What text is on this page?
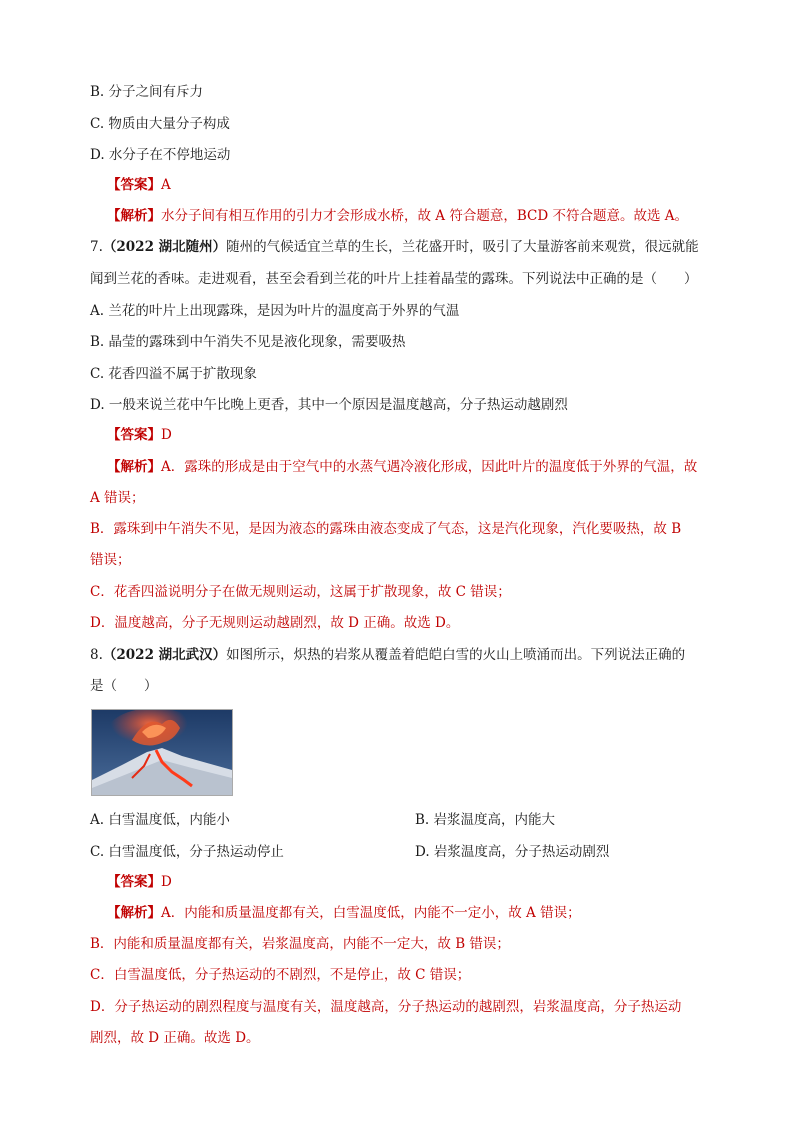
B. 分子之间有斥力
C. 物质由大量分子构成
D. 水分子在不停地运动
【答案】A
【解析】水分子间有相互作用的引力才会形成水桥，故 A 符合题意，BCD 不符合题意。故选 A。
7.（2022 湖北随州）随州的气候适宜兰草的生长，兰花盛开时，吸引了大量游客前来观赏，很远就能
闻到兰花的香味。走进观看，甚至会看到兰花的叶片上挂着晶莹的露珠。下列说法中正确的是（　　）
A. 兰花的叶片上出现露珠，是因为叶片的温度高于外界的气温
B. 晶莹的露珠到中午消失不见是液化现象，需要吸热
C. 花香四溢不属于扩散现象
D. 一般来说兰花中午比晚上更香，其中一个原因是温度越高，分子热运动越剧烈
【答案】D
【解析】A．露珠的形成是由于空气中的水蒸气遇冷液化形成，因此叶片的温度低于外界的气温，故
A 错误；
B．露珠到中午消失不见，是因为液态的露珠由液态变成了气态，这是汽化现象，汽化要吸热，故 B
错误；
C．花香四溢说明分子在做无规则运动，这属于扩散现象，故 C 错误；
D．温度越高，分子无规则运动越剧烈，故 D 正确。故选 D。
8.（2022 湖北武汉）如图所示，炽热的岩浆从覆盖着皑皑白雪的火山上喷涌而出。下列说法正确的
是（　　）
A. 白雪温度低，内能小	B. 岩浆温度高，内能大
C. 白雪温度低，分子热运动停止	D. 岩浆温度高，分子热运动剧烈
【答案】D
【解析】A．内能和质量温度都有关，白雪温度低，内能不一定小，故 A 错误；
B．内能和质量温度都有关，岩浆温度高，内能不一定大，故 B 错误；
C．白雪温度低，分子热运动的不剧烈，不是停止，故 C 错误；
D．分子热运动的剧烈程度与温度有关，温度越高，分子热运动的越剧烈，岩浆温度高，分子热运动
剧烈，故 D 正确。故选 D。
